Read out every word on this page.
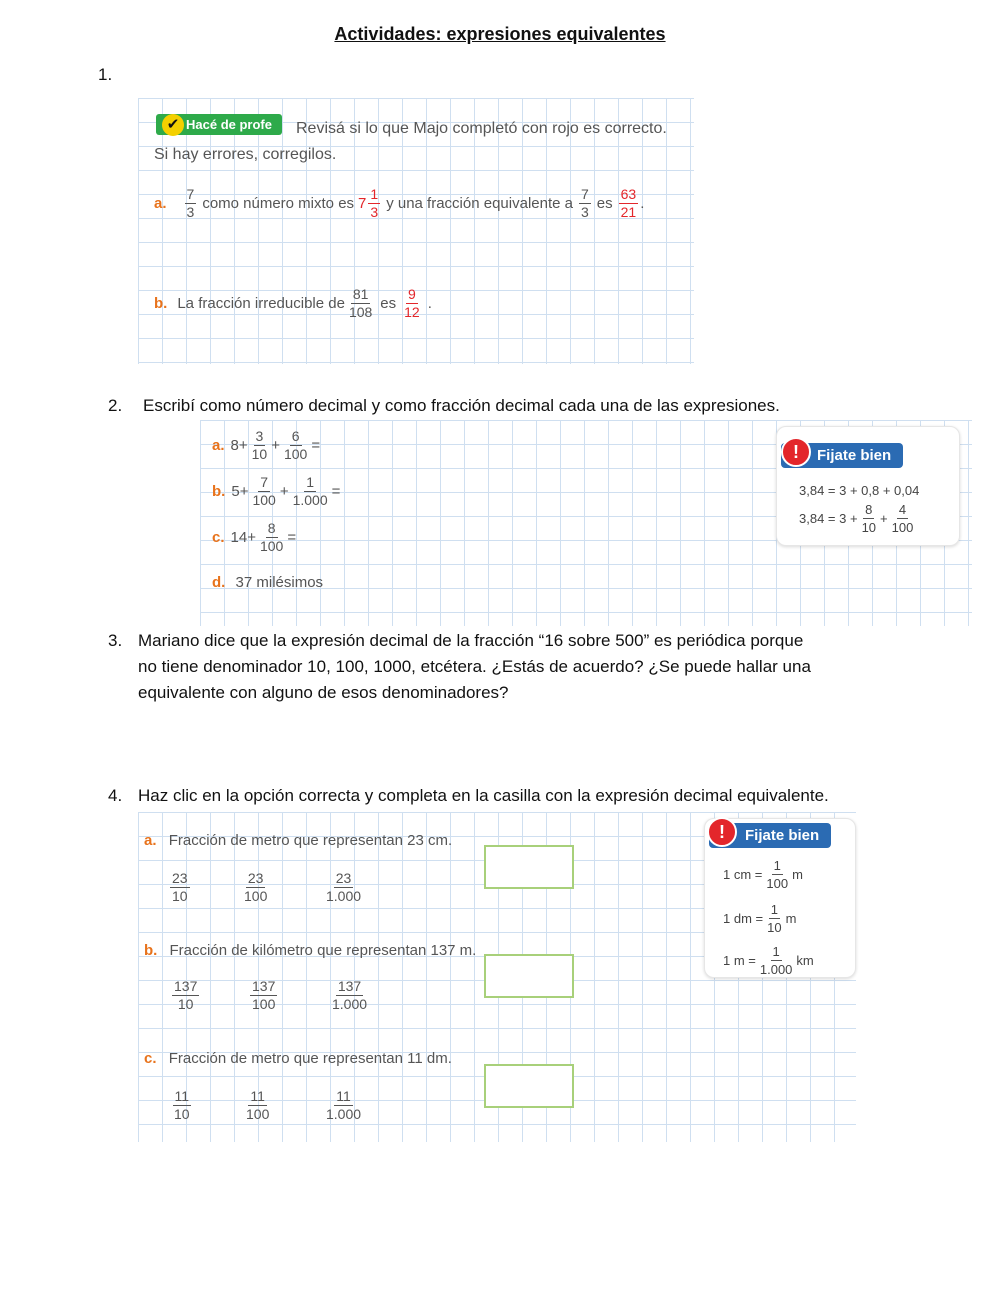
Actividades: expresiones equivalentes
1.
Hacé de profe
✔	Revisá si lo que Majo completó con rojo es correcto.
Si hay errores, corregilos.
a. $\frac{7}{3}$ como número mixto es $7 \frac{1}{3}$ y una fracción equivalente a $\frac{7}{3}$ es $\frac{63}{21}$ .
b. La fracción irreducible de $\frac{81}{108}$ es $\frac{9}{12}$ .
2. Escribí como número decimal y como fracción decimal cada una de las expresiones.
a. $8 + \frac{3}{10} + \frac{6}{100}$ =
b. $5 + \frac{7}{100} + \frac{1}{1.000}$ =
c. $14 + \frac{8}{100}$ =
d. 37 milésimos
Fijate bien
!
3,84 = 3 + 0,8 + 0,04
$3,84 = 3 + \frac{8}{10} + \frac{4}{100}$
3. Mariano dice que la expresión decimal de la fracción “16 sobre 500” es periódica porque
no tiene denominador 10, 100, 1000, etcétera. ¿Estás de acuerdo? ¿Se puede hallar una
equivalente con alguno de esos denominadores?
4. Haz clic en la opción correcta y completa en la casilla con la expresión decimal equivalente.
a. Fracción de metro que representan 23 cm.
$\frac{23}{10}$	$\frac{23}{100}$	$\frac{23}{1.000}$
b. Fracción de kilómetro que representan 137 m.
$\frac{137}{10}$	$\frac{137}{100}$	$\frac{137}{1.000}$
c. Fracción de metro que representan 11 dm.
$\frac{11}{10}$	$\frac{11}{100}$	$\frac{11}{1.000}$
Fijate bien
!
1 cm = $\frac{1}{100}$ m
1 dm = $\frac{1}{10}$ m
1 $m = \frac{1}{1.000}$ km
